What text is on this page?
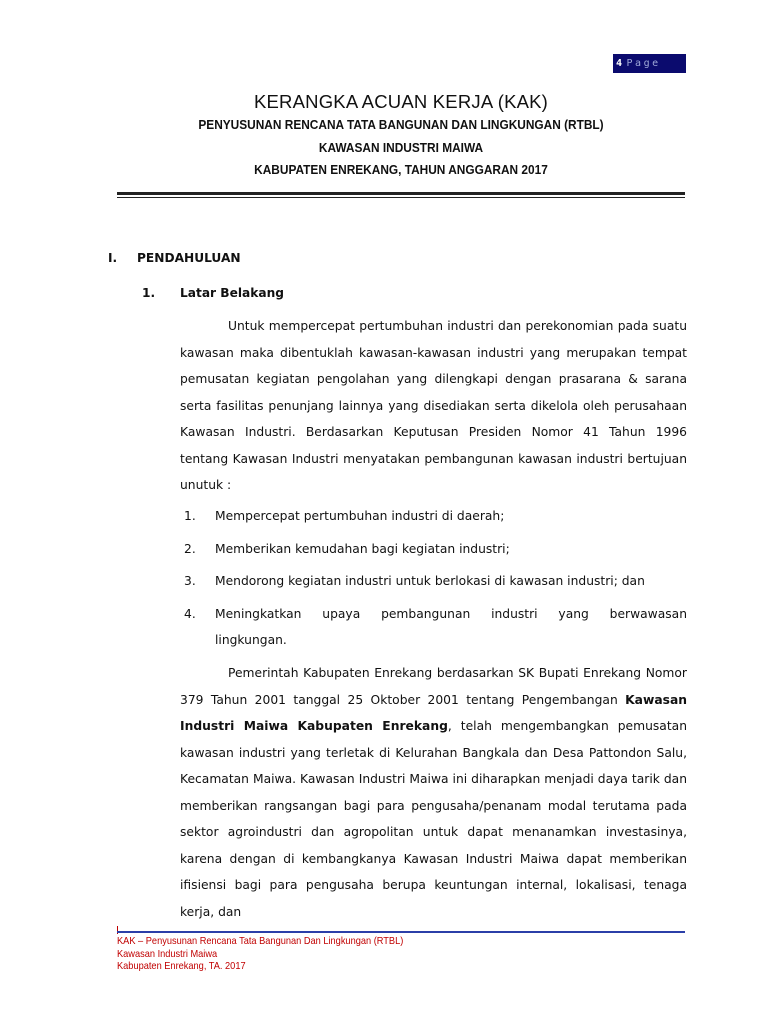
4 Page
KERANGKA ACUAN KERJA (KAK)
PENYUSUNAN RENCANA TATA BANGUNAN DAN LINGKUNGAN (RTBL)
KAWASAN INDUSTRI MAIWA
KABUPATEN ENREKANG, TAHUN ANGGARAN 2017
I. PENDAHULUAN
1. Latar Belakang

Untuk mempercepat pertumbuhan industri dan perekonomian pada suatu kawasan maka dibentuklah kawasan-kawasan industri yang merupakan tempat pemusatan kegiatan pengolahan yang dilengkapi dengan prasarana & sarana serta fasilitas penunjang lainnya yang disediakan serta dikelola oleh perusahaan Kawasan Industri. Berdasarkan Keputusan Presiden Nomor 41 Tahun 1996 tentang Kawasan Industri menyatakan pembangunan kawasan industri bertujuan unutuk :

1. Mempercepat pertumbuhan industri di daerah;
2. Memberikan kemudahan bagi kegiatan industri;
3. Mendorong kegiatan industri untuk berlokasi di kawasan industri; dan
4. Meningkatkan upaya pembangunan industri yang berwawasan
lingkungan.

Pemerintah Kabupaten Enrekang berdasarkan SK Bupati Enrekang Nomor 379 Tahun 2001 tanggal 25 Oktober 2001 tentang Pengembangan Kawasan Industri Maiwa Kabupaten Enrekang, telah mengembangkan pemusatan kawasan industri yang terletak di Kelurahan Bangkala dan Desa Pattondon Salu, Kecamatan Maiwa. Kawasan Industri Maiwa ini diharapkan menjadi daya tarik dan memberikan rangsangan bagi para pengusaha/penanam modal terutama pada sektor agroindustri dan agropolitan untuk dapat menanamkan investasinya, karena dengan di kembangkanya Kawasan Industri Maiwa dapat memberikan ifisiensi bagi para pengusaha berupa keuntungan internal, lokalisasi, tenaga kerja, dan

KAK – Penyusunan Rencana Tata Bangunan Dan Lingkungan (RTBL)
Kawasan Industri Maiwa
Kabupaten Enrekang, TA. 2017
